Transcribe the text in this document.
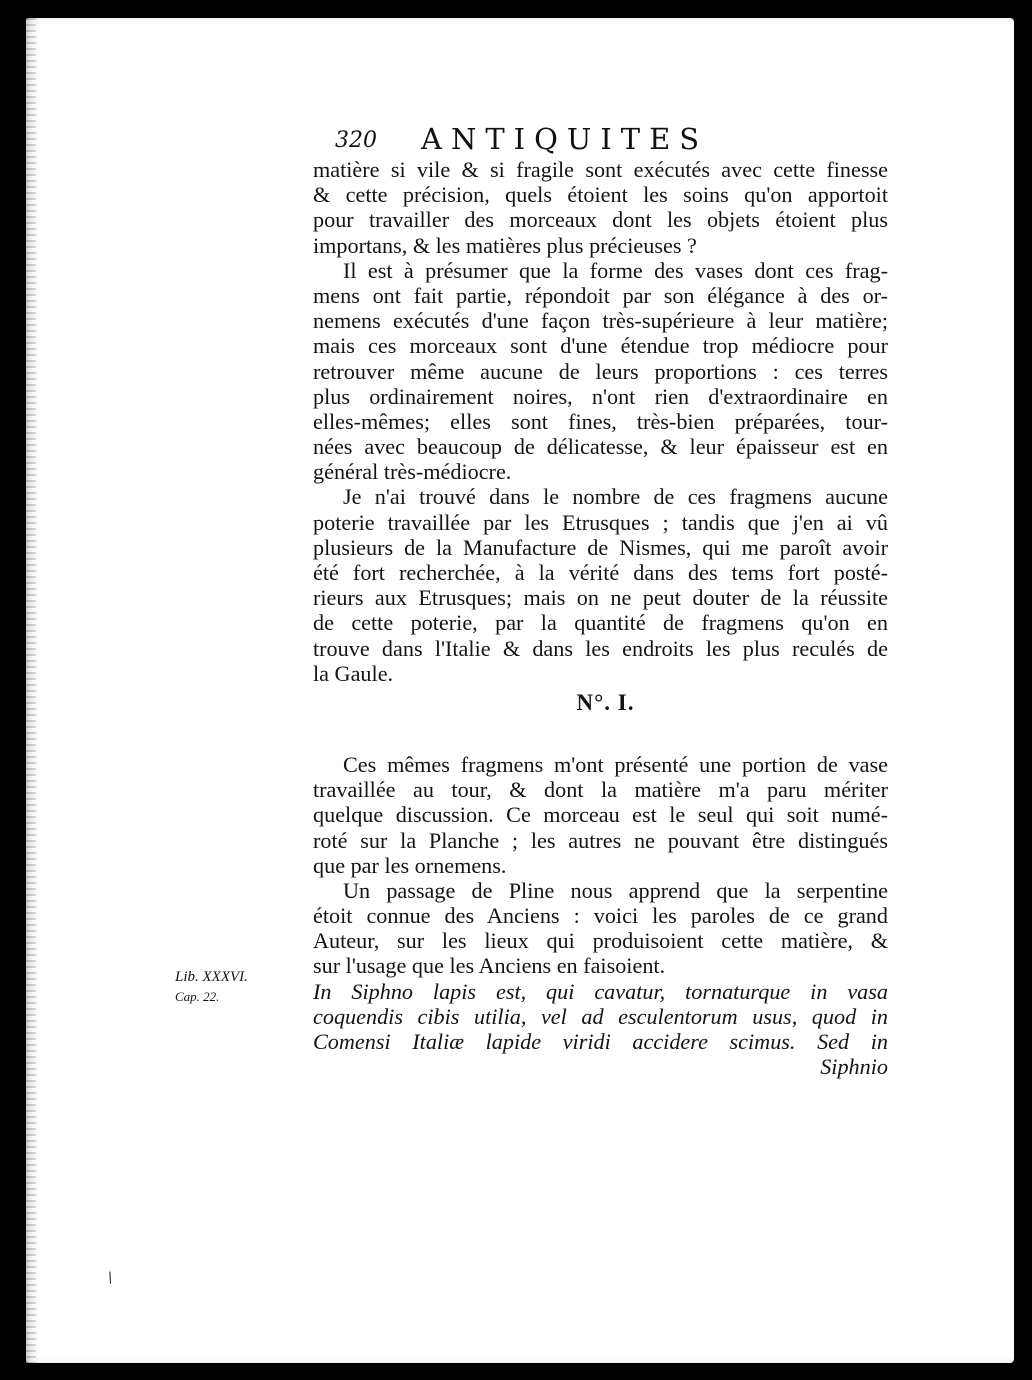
320 ANTIQUITES
matière si vile & si fragile sont exécutés avec cette finesse
& cette précision, quels étoient les soins qu'on apportoit
pour travailler des morceaux dont les objets étoient plus
importans, & les matières plus précieuses ?
Il est à présumer que la forme des vases dont ces frag-
mens ont fait partie, répondoit par son élégance à des or-
nemens exécutés d'une façon très-supérieure à leur matière;
mais ces morceaux sont d'une étendue trop médiocre pour
retrouver même aucune de leurs proportions : ces terres
plus ordinairement noires, n'ont rien d'extraordinaire en
elles-mêmes; elles sont fines, très-bien préparées, tour-
nées avec beaucoup de délicatesse, & leur épaisseur est en
général très-médiocre.
Je n'ai trouvé dans le nombre de ces fragmens aucune
poterie travaillée par les Etrusques ; tandis que j'en ai vû
plusieurs de la Manufacture de Nismes, qui me paroît avoir
été fort recherchée, à la vérité dans des tems fort posté-
rieurs aux Etrusques; mais on ne peut douter de la réussite
de cette poterie, par la quantité de fragmens qu'on en
trouve dans l'Italie & dans les endroits les plus reculés de
la Gaule.
N°. I.
Ces mêmes fragmens m'ont présenté une portion de vase
travaillée au tour, & dont la matière m'a paru mériter
quelque discussion. Ce morceau est le seul qui soit numé-
roté sur la Planche ; les autres ne pouvant être distingués
que par les ornemens.
Un passage de Pline nous apprend que la serpentine
étoit connue des Anciens : voici les paroles de ce grand
Auteur, sur les lieux qui produisoient cette matière, &
sur l'usage que les Anciens en faisoient.
In Siphno lapis est, qui cavatur, tornaturque in vasa
coquendis cibis utilia, vel ad esculentorum usus, quod in
Comensi Italiæ lapide viridi accidere scimus. Sed in
Siphnio
Lib. XXXVI.
Cap. 22.
/
